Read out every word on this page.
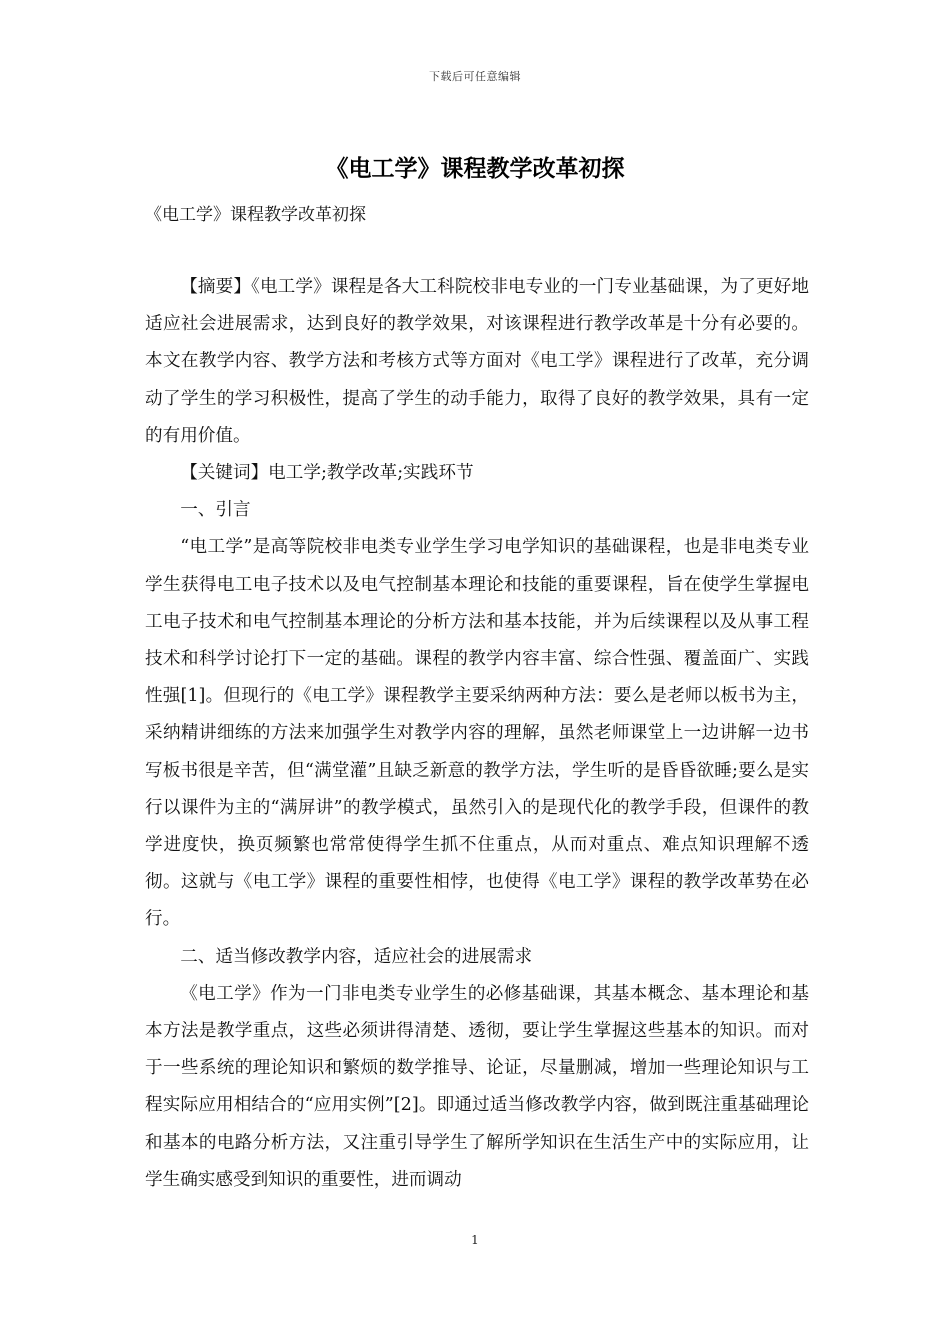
下载后可任意编辑
《电工学》课程教学改革初探
《电工学》课程教学改革初探

【摘要】《电工学》课程是各大工科院校非电专业的一门专业基础课，为了更好地适应社会进展需求，达到良好的教学效果，对该课程进行教学改革是十分有必要的。本文在教学内容、教学方法和考核方式等方面对《电工学》课程进行了改革，充分调动了学生的学习积极性，提高了学生的动手能力，取得了良好的教学效果，具有一定的有用价值。

【关键词】电工学;教学改革;实践环节

一、引言

“电工学”是高等院校非电类专业学生学习电学知识的基础课程，也是非电类专业学生获得电工电子技术以及电气控制基本理论和技能的重要课程，旨在使学生掌握电工电子技术和电气控制基本理论的分析方法和基本技能，并为后续课程以及从事工程技术和科学讨论打下一定的基础。课程的教学内容丰富、综合性强、覆盖面广、实践性强[1]。但现行的《电工学》课程教学主要采纳两种方法：要么是老师以板书为主，采纳精讲细练的方法来加强学生对教学内容的理解，虽然老师课堂上一边讲解一边书写板书很是辛苦，但“满堂灌”且缺乏新意的教学方法，学生听的是昏昏欲睡;要么是实行以课件为主的“满屏讲”的教学模式，虽然引入的是现代化的教学手段，但课件的教学进度快，换页频繁也常常使得学生抓不住重点，从而对重点、难点知识理解不透彻。这就与《电工学》课程的重要性相悖，也使得《电工学》课程的教学改革势在必行。

二、适当修改教学内容，适应社会的进展需求

《电工学》作为一门非电类专业学生的必修基础课，其基本概念、基本理论和基本方法是教学重点，这些必须讲得清楚、透彻，要让学生掌握这些基本的知识。而对于一些系统的理论知识和繁烦的数学推导、论证，尽量删减，增加一些理论知识与工程实际应用相结合的“应用实例”[2]。即通过适当修改教学内容，做到既注重基础理论和基本的电路分析方法，又注重引导学生了解所学知识在生活生产中的实际应用，让学生确实感受到知识的重要性，进而调动

1
